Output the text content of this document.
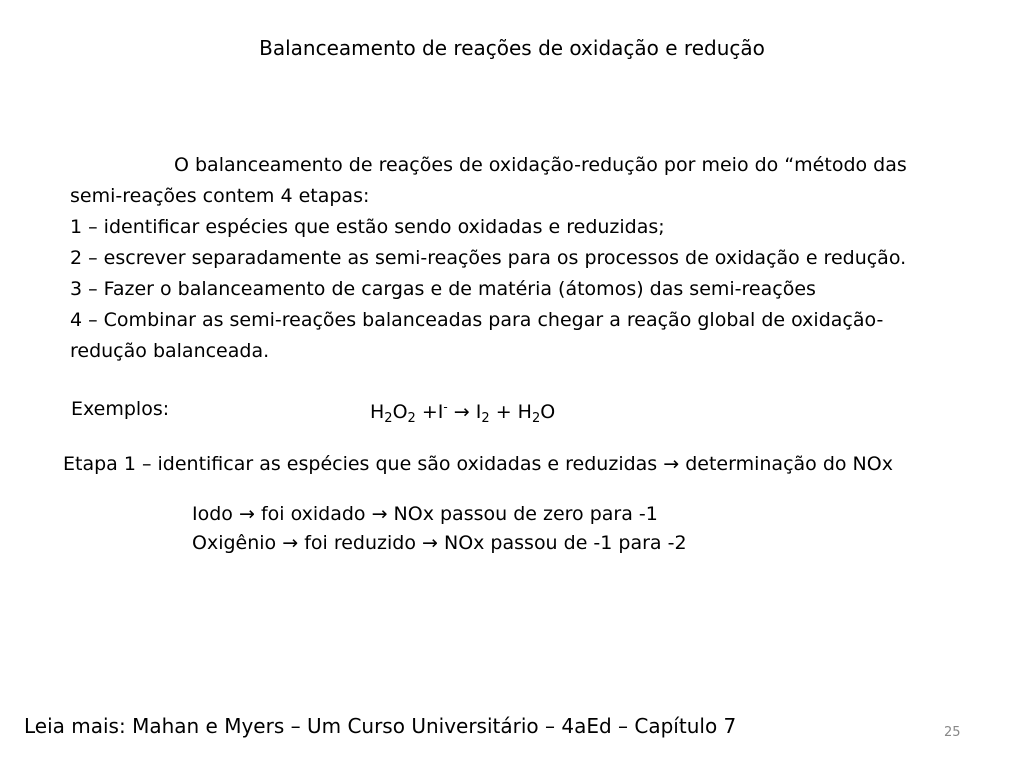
Balanceamento de reações de oxidação e redução
O balanceamento de reações de oxidação-redução por meio do “método das
semi-reações contem 4 etapas:
1 – identificar espécies que estão sendo oxidadas e reduzidas;
2 – escrever separadamente as semi-reações para os processos de oxidação e redução.
3 – Fazer o balanceamento de cargas e de matéria (átomos) das semi-reações
4 – Combinar as semi-reações balanceadas para chegar a reação global de oxidação-
redução balanceada.
Exemplos:	$H_2O_2 +I^- \to I_2 + H_2O$
Etapa 1 – identificar as espécies que são oxidadas e reduzidas → determinação do NOx
Iodo → foi oxidado → NOx passou de zero para -1
Oxigênio → foi reduzido → NOx passou de -1 para -2
Leia mais: Mahan e Myers – Um Curso Universitário – 4aEd – Capítulo 7	25
